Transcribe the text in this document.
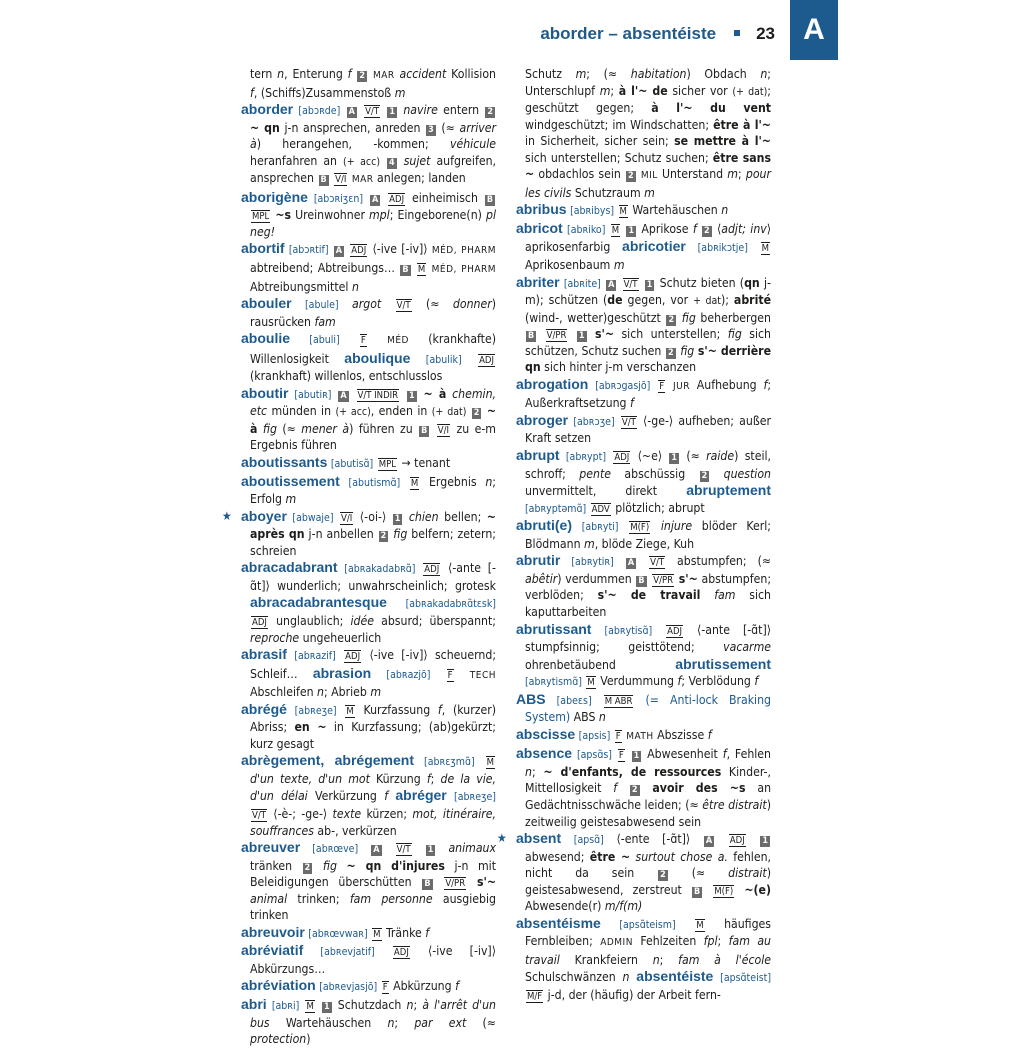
aborder – absentéiste 23 A
tern n, Enterung f 2 MAR accident Kollision f, (Schiffs)Zusammenstoß m
aborder [abɔʀde] A V/T 1 navire entern 2 ~ qn j-n ansprechen, anreden 3 (≈ arriver à) herangehen, -kommen; véhicule heranfahren an (+ acc) 4 sujet aufgreifen, ansprechen B V/I MAR anlegen; landen
aborigène [abɔʀiʒɛn] A ADJ einheimisch B MPL ~s Ureinwohner mpl; Eingeborene(n) pl neg!
abortif [abɔʀtif] A ADJ ⟨-ive [-iv]⟩ MÉD, PHARM abtreibend; Abtreibungs… B M MÉD, PHARM Abtreibungsmittel n
abouler [abule] argot V/T (≈ donner) rausrücken fam
aboulie [abuli] F MÉD (krankhafte) Willenlosigkeit aboulique [abulik] ADJ (krankhaft) willenlos, entschlusslos
aboutir [abutiʀ] A V/T INDIR 1 ~ à chemin, etc münden in (+ acc), enden in (+ dat) 2 ~ à fig (≈ mener à) führen zu B V/I zu e-m Ergebnis führen
aboutissants [abutisɑ̃] MPL → tenant
aboutissement [abutismɑ̃] M Ergebnis n; Erfolg m
★ aboyer [abwaje] V/I ⟨-oi-⟩ 1 chien bellen; ~ après qn j-n anbellen 2 fig belfern; zetern; schreien
abracadabrant [abʀakadabʀɑ̃] ADJ ⟨-ante [-ɑ̃t]⟩ wunderlich; unwahrscheinlich; grotesk abracadabrantesque [abʀakadabʀɑ̃tɛsk] ADJ unglaublich; idée absurd; überspannt; reproche ungeheuerlich
abrasif [abʀazif] ADJ ⟨-ive [-iv]⟩ scheuernd; Schleif… abrasion [abʀazjõ] F TECH Abschleifen n; Abrieb m
abrégé [abʀeʒe] M Kurzfassung f, (kurzer) Abriss; en ~ in Kurzfassung; (ab)gekürzt; kurz gesagt
abrègement, abrégement [abʀɛʒmɑ̃] M d'un texte, d'un mot Kürzung f; de la vie, d'un délai Verkürzung f abréger [abʀeʒe] V/T ⟨-è-; -ge-⟩ texte kürzen; mot, itinéraire, souffrances ab-, verkürzen
abreuver [abʀœve] A V/T 1 animaux tränken 2 fig ~ qn d'injures j-n mit Beleidigungen überschütten B V/PR s'~ animal trinken; fam personne ausgiebig trinken
abreuvoir [abʀœvwaʀ] M Tränke f
abréviatif [abʀevjatif] ADJ ⟨-ive [-iv]⟩ Abkürzungs…
abréviation [abʀevjasjõ] F Abkürzung f
abri [abʀi] M 1 Schutzdach n; à l'arrêt d'un bus Wartehäuschen n; par ext (≈ protection)
Schutz m; (≈ habitation) Obdach n; Unterschlupf m; à l'~ de sicher vor (+ dat); geschützt gegen; à l'~ du vent windgeschützt; im Windschatten; être à l'~ in Sicherheit, sicher sein; se mettre à l'~ sich unterstellen; Schutz suchen; être sans ~ obdachlos sein 2 MIL Unterstand m; pour les civils Schutzraum m
abribus [abʀibys] M Wartehäuschen n
abricot [abʀiko] M 1 Aprikose f 2 ⟨adjt; inv⟩ aprikosenfarbig abricotier [abʀikɔtje] M Aprikosenbaum m
abriter [abʀite] A V/T 1 Schutz bieten (qn j-m); schützen (de gegen, vor + dat); abrité (wind-, wetter)geschützt 2 fig beherbergen B V/PR 1 s'~ sich unterstellen; fig sich schützen, Schutz suchen 2 fig s'~ derrière qn sich hinter j-m verschanzen
abrogation [abʀɔgasjõ] F JUR Aufhebung f; Außerkraftsetzung f
abroger [abʀɔʒe] V/T ⟨-ge-⟩ aufheben; außer Kraft setzen
abrupt [abʀypt] ADJ ⟨~e⟩ 1 (≈ raide) steil, schroff; pente abschüssig 2 question unvermittelt, direkt abruptement [abʀyptəmɑ̃] ADV plötzlich; abrupt
abruti(e) [abʀyti] M(F) injure blöder Kerl; Blödmann m, blöde Ziege, Kuh
abrutir [abʀytiʀ] A V/T abstumpfen; (≈ abêtir) verdummen B V/PR s'~ abstumpfen; verblöden; s'~ de travail fam sich kaputtarbeiten
abrutissant [abʀytisɑ̃] ADJ ⟨-ante [-ɑ̃t]⟩ stumpfsinnig; geisttötend; vacarme ohrenbetäubend abrutissement [abʀytismɑ̃] M Verdummung f; Verblödung f
ABS [abeɛs] M ABR (= Anti-lock Braking System) ABS n
abscisse [apsis] F MATH Abszisse f
absence [apsɑ̃s] F 1 Abwesenheit f, Fehlen n; ~ d'enfants, de ressources Kinder-, Mittellosigkeit f 2 avoir des ~s an Gedächtnisschwäche leiden; (≈ être distrait) zeitweilig geistesabwesend sein
★ absent [apsɑ̃] ⟨-ente [-ɑ̃t]⟩ A ADJ 1 abwesend; être ~ surtout chose a. fehlen, nicht da sein 2 (≈ distrait) geistesabwesend, zerstreut B M(F) ~(e) Abwesende(r) m/f(m)
absentéisme [apsɑ̃teism] M häufiges Fernbleiben; ADMIN Fehlzeiten fpl; fam au travail Krankfeiern n; fam à l'école Schulschwänzen n absentéiste [apsɑ̃teist] M/F j-d, der (häufig) der Arbeit fern-
